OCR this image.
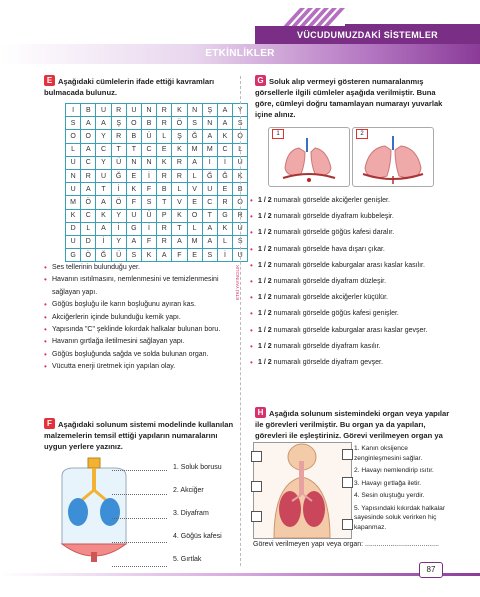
VÜCUDUMUZDAKİ SİSTEMLER
ETKİNLİKLER
E Aşağıdaki cümlelerin ifade ettiği kavramları bulmacada bulunuz.
I	B	U	R	U	N	R	K	N	Ş	A	Y
S	A	A	Ş	O	B	R	Ö	S	N	A	S
O	O	Y	R	B	Ü	L	Ş	Ğ	A	K	O
L	A	C	T	T	C	E	K	M	M	C	L
U	C	Y	Ü	N	N	K	R	A	İ	İ	U
N	R	U	Ğ	E	İ	R	R	L	Ğ	Ğ	K
U	A	T	İ	K	F	B	L	V	U	E	B
M	Ö	A	Ö	F	S	T	V	E	C	R	O
K	C	K	Y	U	Ü	P	K	O	T	G	R
D	L	A	İ	G	İ	R	T	L	A	K	U
U	D	İ	Y	A	F	R	A	M	A	L	S
G	Ö	Ğ	Ü	S	K	A	F	E	S	İ	U
• Ses tellerinin bulunduğu yer.
• Havanın ısıtılmasını, nemlenmesini ve temizlenmesini sağlayan yapı.
• Göğüs boşluğu ile karın boşluğunu ayıran kas.
• Akciğerlerin içinde bulunduğu kemik yapı.
• Yapısında "C" şeklinde kıkırdak halkalar bulunan boru.
• Havanın gırtlağa iletilmesini sağlayan yapı.
• Göğüs boşluğunda sağda ve solda bulunan organ.
• Vücutta enerji üretmek için yapılan olay.
ETKİ YAYINCILIK
F Aşağıdaki solunum sistemi modelinde kullanılan malzemelerin temsil ettiği yapıların numaralarını uygun yerlere yazınız.
1. Soluk borusu
2. Akciğer
3. Diyafram
4. Göğüs kafesi
5. Gırtlak
G Soluk alıp vermeyi gösteren numaralanmış görsellerle ilgili cümleler aşağıda verilmiştir. Buna göre, cümleyi doğru tamamlayan numarayı yuvarlak içine alınız.
1	2
• 1 / 2 numaralı görselde akciğerler genişler.
• 1 / 2 numaralı görselde diyafram kubbeleşir.
• 1 / 2 numaralı görselde göğüs kafesi daralır.
• 1 / 2 numaralı görselde hava dışarı çıkar.
• 1 / 2 numaralı görselde kaburgalar arası kaslar kasılır.
• 1 / 2 numaralı görselde diyafram düzleşir.
• 1 / 2 numaralı görselde akciğerler küçülür.
• 1 / 2 numaralı görselde göğüs kafesi genişler.
• 1 / 2 numaralı görselde kaburgalar arası kaslar gevşer.
• 1 / 2 numaralı görselde diyafram kasılır.
• 1 / 2 numaralı görselde diyafram gevşer.
H Aşağıda solunum sistemindeki organ veya yapılar ile görevleri verilmiştir. Bu organ ya da yapıları, görevleri ile eşleştiriniz. Görevi verilmeyen organ ya
1. Kanın oksijence zenginleşmesini sağlar.
2. Havayı nemlendirip ısıtır.
3. Havayı gırtlağa iletir.
4. Sesin oluştuğu yerdir.
5. Yapısındaki kıkırdak halkalar sayesinde soluk verirken hiç kapanmaz.
Görevi verilmeyen yapı veya organ: ......................................
87
